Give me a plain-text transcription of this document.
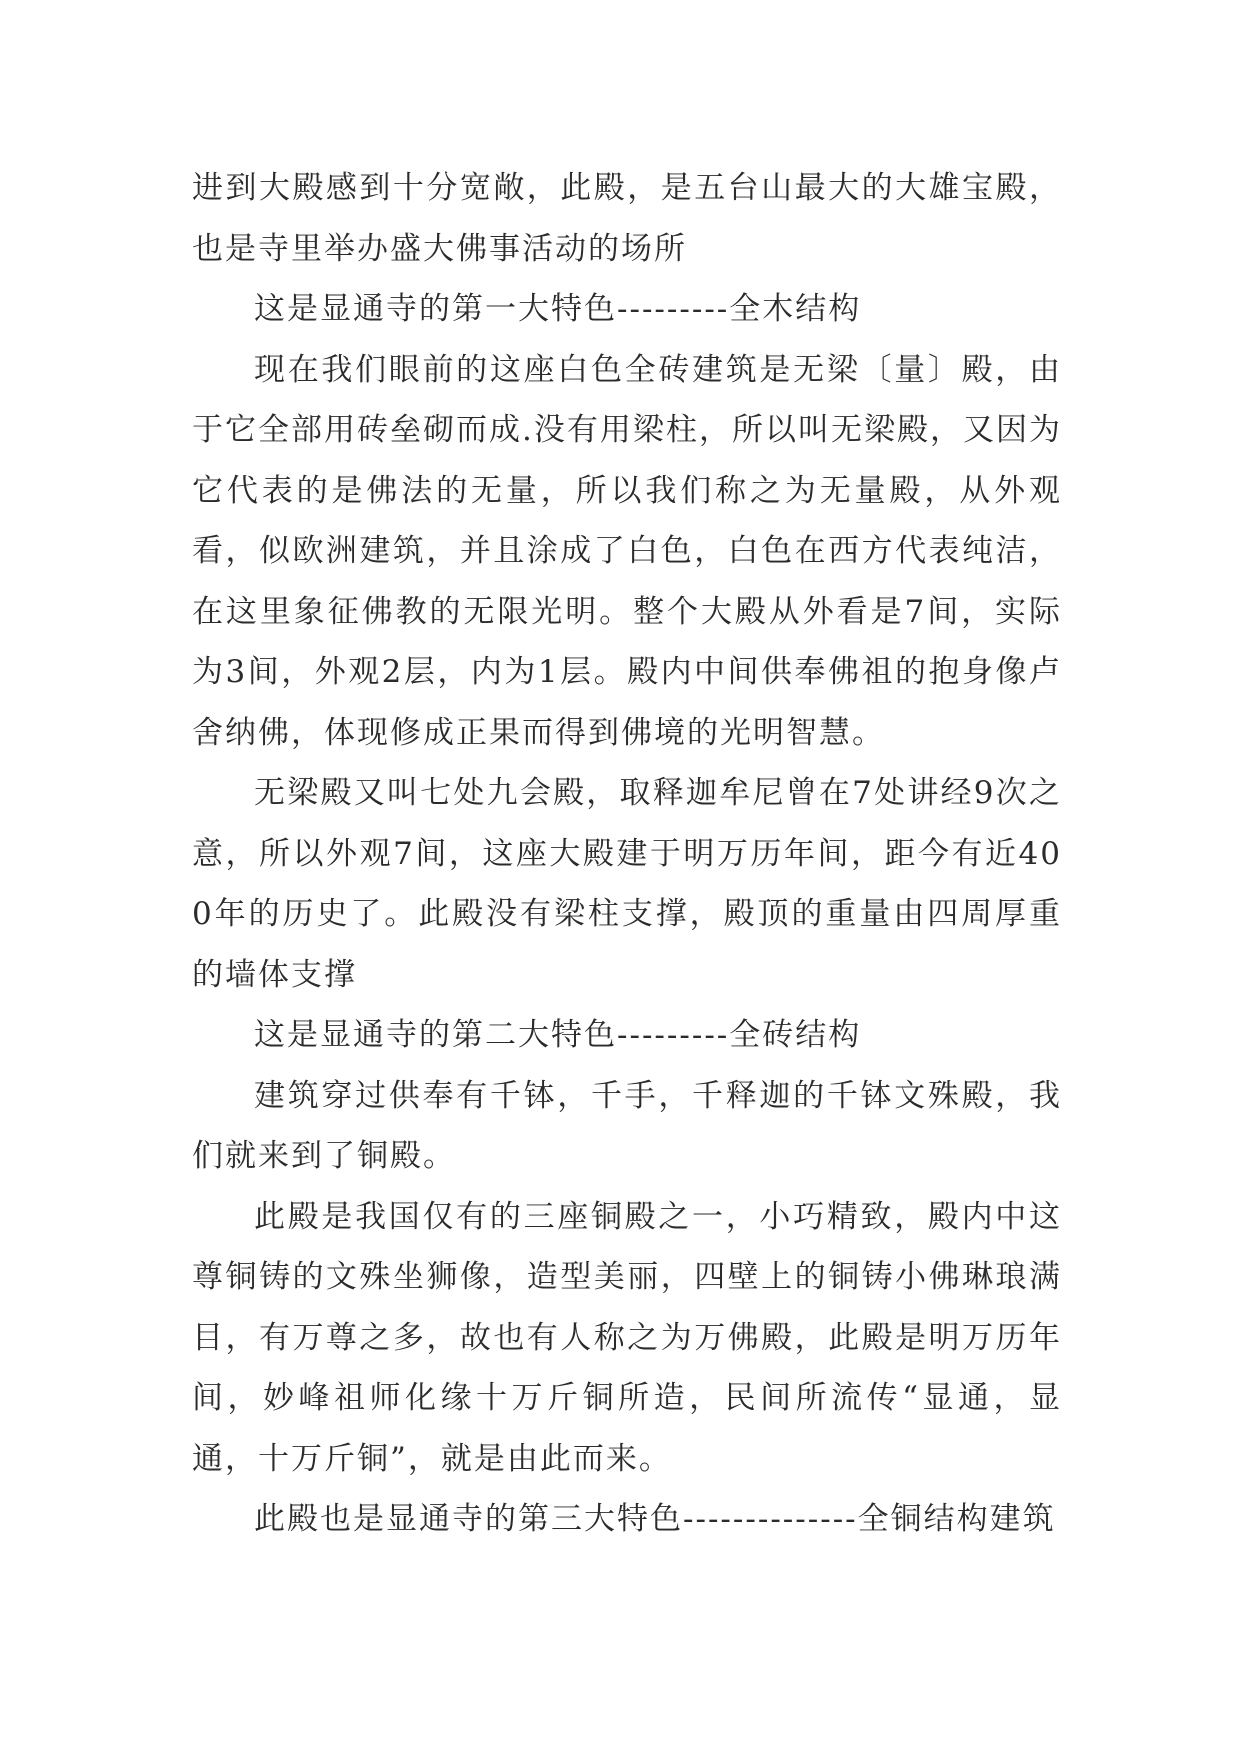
进到大殿感到十分宽敞，此殿，是五台山最大的大雄宝殿，也是寺里举办盛大佛事活动的场所

这是显通寺的第一大特色---------全木结构

现在我们眼前的这座白色全砖建筑是无梁〔量〕殿，由于它全部用砖垒砌而成.没有用梁柱，所以叫无梁殿，又因为它代表的是佛法的无量，所以我们称之为无量殿，从外观看，似欧洲建筑，并且涂成了白色，白色在西方代表纯洁，在这里象征佛教的无限光明。整个大殿从外看是7间，实际为3间，外观2层，内为1层。殿内中间供奉佛祖的抱身像卢舍纳佛，体现修成正果而得到佛境的光明智慧。

无梁殿又叫七处九会殿，取释迦牟尼曾在7处讲经9次之意，所以外观7间，这座大殿建于明万历年间，距今有近400年的历史了。此殿没有梁柱支撑，殿顶的重量由四周厚重的墙体支撑

这是显通寺的第二大特色---------全砖结构

建筑穿过供奉有千钵，千手，千释迦的千钵文殊殿，我们就来到了铜殿。

此殿是我国仅有的三座铜殿之一，小巧精致，殿内中这尊铜铸的文殊坐狮像，造型美丽，四壁上的铜铸小佛琳琅满目，有万尊之多，故也有人称之为万佛殿，此殿是明万历年间，妙峰祖师化缘十万斤铜所造，民间所流传“显通，显通，十万斤铜”，就是由此而来。

此殿也是显通寺的第三大特色--------------全铜结构建筑
